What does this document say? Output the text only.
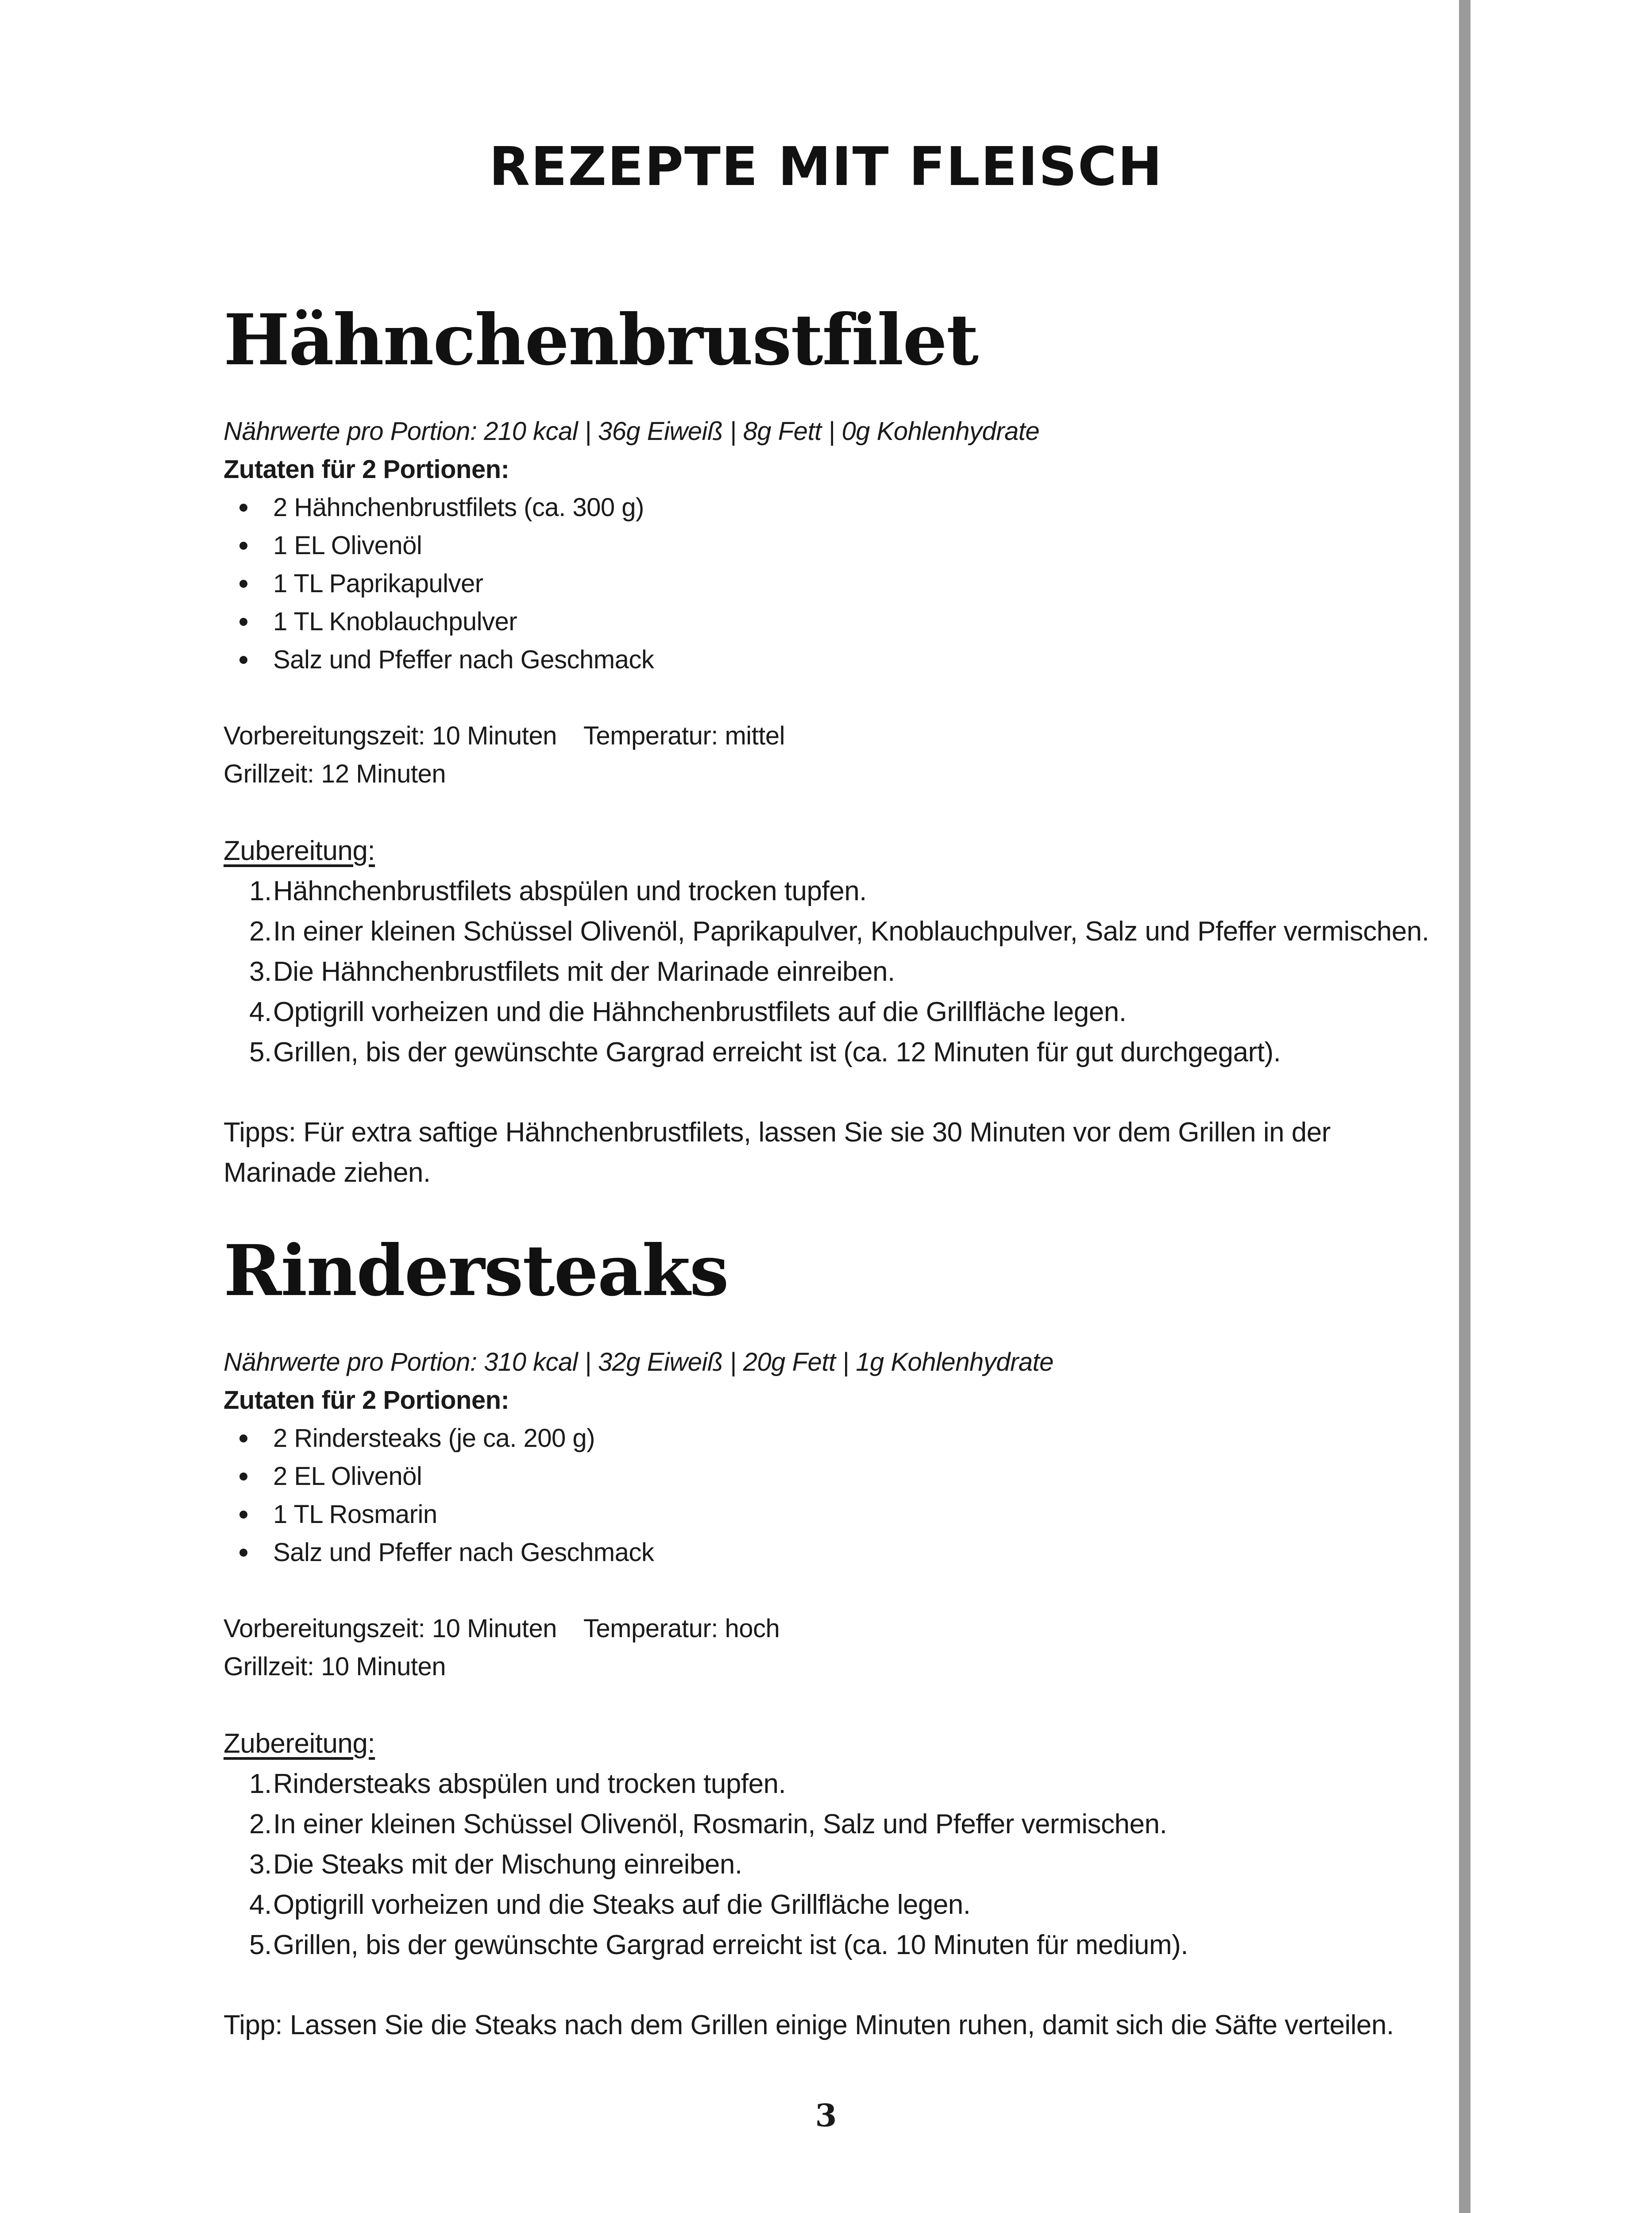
REZEPTE MIT FLEISCH
Hähnchenbrustfilet
Nährwerte pro Portion: 210 kcal | 36g Eiweiß | 8g Fett | 0g Kohlenhydrate
Zutaten für 2 Portionen:
2 Hähnchenbrustfilets (ca. 300 g)
1 EL Olivenöl
1 TL Paprikapulver
1 TL Knoblauchpulver
Salz und Pfeffer nach Geschmack
Vorbereitungszeit: 10 Minuten Temperatur: mittel
Grillzeit: 12 Minuten
Zubereitung:
1. Hähnchenbrustfilets abspülen und trocken tupfen.
2. In einer kleinen Schüssel Olivenöl, Paprikapulver, Knoblauchpulver, Salz und Pfeffer vermischen.
3. Die Hähnchenbrustfilets mit der Marinade einreiben.
4. Optigrill vorheizen und die Hähnchenbrustfilets auf die Grillfläche legen.
5. Grillen, bis der gewünschte Gargrad erreicht ist (ca. 12 Minuten für gut durchgegart).
Tipps: Für extra saftige Hähnchenbrustfilets, lassen Sie sie 30 Minuten vor dem Grillen in der Marinade ziehen.
Rindersteaks
Nährwerte pro Portion: 310 kcal | 32g Eiweiß | 20g Fett | 1g Kohlenhydrate
Zutaten für 2 Portionen:
2 Rindersteaks (je ca. 200 g)
2 EL Olivenöl
1 TL Rosmarin
Salz und Pfeffer nach Geschmack
Vorbereitungszeit: 10 Minuten Temperatur: hoch
Grillzeit: 10 Minuten
Zubereitung:
1. Rindersteaks abspülen und trocken tupfen.
2. In einer kleinen Schüssel Olivenöl, Rosmarin, Salz und Pfeffer vermischen.
3. Die Steaks mit der Mischung einreiben.
4. Optigrill vorheizen und die Steaks auf die Grillfläche legen.
5. Grillen, bis der gewünschte Gargrad erreicht ist (ca. 10 Minuten für medium).
Tipp: Lassen Sie die Steaks nach dem Grillen einige Minuten ruhen, damit sich die Säfte verteilen.
3
